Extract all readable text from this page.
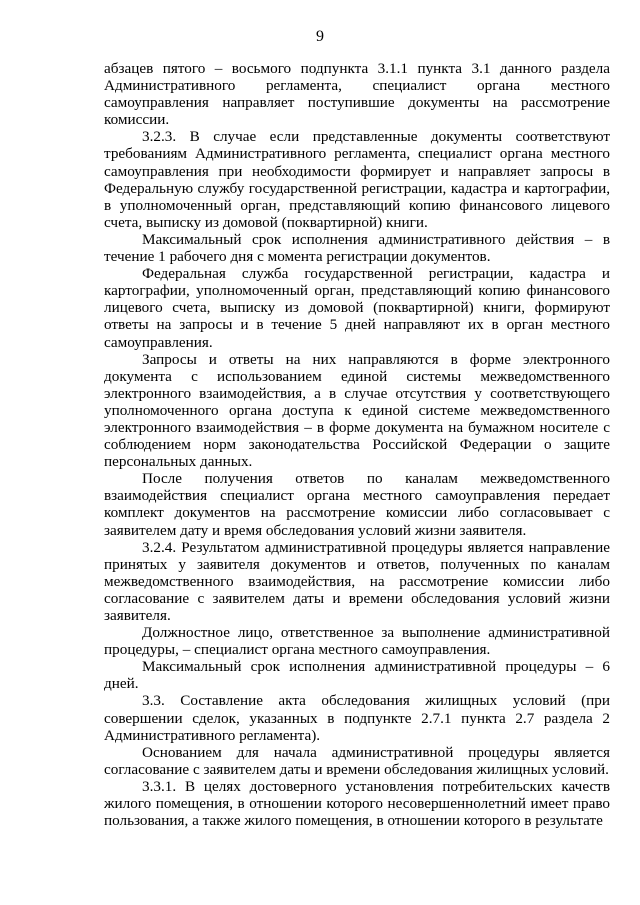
9

абзацев пятого – восьмого подпункта 3.1.1 пункта 3.1 данного раздела Административного регламента, специалист органа местного самоуправления направляет поступившие документы на рассмотрение комиссии.

3.2.3. В случае если представленные документы соответствуют требованиям Административного регламента, специалист органа местного самоуправления при необходимости формирует и направляет запросы в Федеральную службу государственной регистрации, кадастра и картографии, в уполномоченный орган, представляющий копию финансового лицевого счета, выписку из домовой (поквартирной) книги.

Максимальный срок исполнения административного действия – в течение 1 рабочего дня с момента регистрации документов.

Федеральная служба государственной регистрации, кадастра и картографии, уполномоченный орган, представляющий копию финансового лицевого счета, выписку из домовой (поквартирной) книги, формируют ответы на запросы и в течение 5 дней направляют их в орган местного самоуправления.

Запросы и ответы на них направляются в форме электронного документа с использованием единой системы межведомственного электронного взаимодействия, а в случае отсутствия у соответствующего уполномоченного органа доступа к единой системе межведомственного электронного взаимодействия – в форме документа на бумажном носителе с соблюдением норм законодательства Российской Федерации о защите персональных данных.

После получения ответов по каналам межведомственного взаимодействия специалист органа местного самоуправления передает комплект документов на рассмотрение комиссии либо согласовывает с заявителем дату и время обследования условий жизни заявителя.

3.2.4. Результатом административной процедуры является направление принятых у заявителя документов и ответов, полученных по каналам межведомственного взаимодействия, на рассмотрение комиссии либо согласование с заявителем даты и времени обследования условий жизни заявителя.

Должностное лицо, ответственное за выполнение административной процедуры, – специалист органа местного самоуправления.

Максимальный срок исполнения административной процедуры – 6 дней.

3.3. Составление акта обследования жилищных условий (при совершении сделок, указанных в подпункте 2.7.1 пункта 2.7 раздела 2 Административного регламента).

Основанием для начала административной процедуры является согласование с заявителем даты и времени обследования жилищных условий.

3.3.1. В целях достоверного установления потребительских качеств жилого помещения, в отношении которого несовершеннолетний имеет право пользования, а также жилого помещения, в отношении которого в результате
